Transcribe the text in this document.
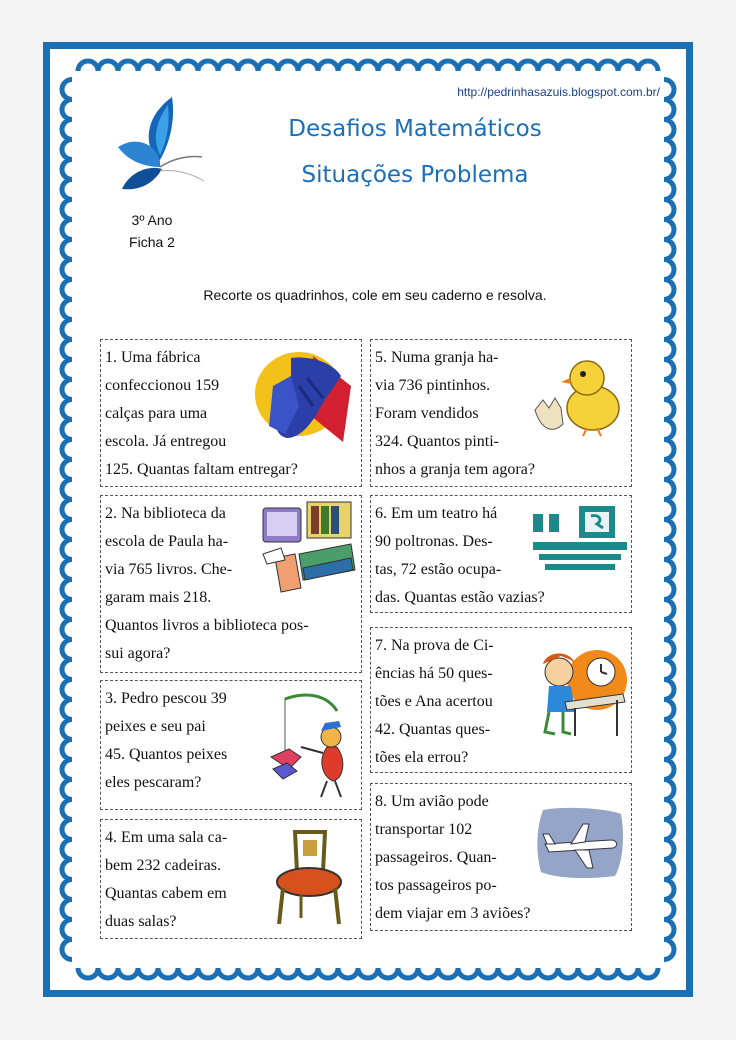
http://pedrinhasazuis.blogspot.com.br/
Desafios Matemáticos
Situações Problema
3º Ano
Ficha 2
Recorte os quadrinhos, cole em seu caderno e resolva.

1. Uma fábrica

confeccionou 159

calças para uma

escola. Já entregou

125. Quantas faltam entregar?

2. Na biblioteca da

escola de Paula ha-

via 765 livros. Che-

garam mais 218.

Quantos livros a biblioteca pos-

sui agora?

3. Pedro pescou 39

peixes e seu pai

45. Quantos peixes

eles pescaram?

4. Em uma sala ca-

bem 232 cadeiras.

Quantas cabem em

duas salas?

5. Numa granja ha-

via 736 pintinhos.

Foram vendidos

324. Quantos pinti-

nhos a granja tem agora?

6. Em um teatro há

90 poltronas. Des-

tas, 72 estão ocupa-

das. Quantas estão vazias?

7. Na prova de Ci-

ências há 50 ques-

tões e Ana acertou

42. Quantas ques-

tões ela errou?

8. Um avião pode

transportar 102

passageiros. Quan-

tos passageiros po-

dem viajar em 3 aviões?
